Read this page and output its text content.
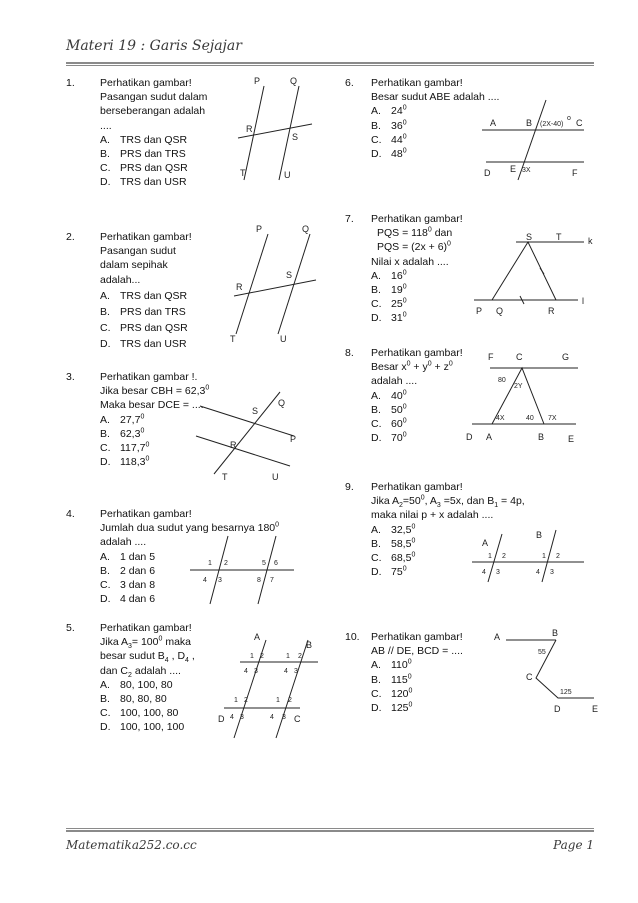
Materi 19 : Garis Sejajar
1.	Perhatikan gambar!
Pasangan sudut dalam
berseberangan adalah
....
A. TRS dan QSR
B. PRS dan TRS
C. PRS dan QSR
D. TRS dan USR
P	Q
R
S
T	U
2.	Perhatikan gambar!
Pasangan sudut
dalam sepihak
adalah...
A. TRS dan QSR
B. PRS dan TRS
C. PRS dan QSR
D. TRS dan USR
P	Q
R
S
T	U
3.	Perhatikan gambar !.
Jika besar CBH = $62,3^0$
Maka besar DCE = ....
A. 27,7$^0$
B. 62,3$^0$
C. 117,7$^0$
D. 118,3$^0$
S
Q
R
P
T	U
4.	Perhatikan gambar!
Jumlah dua sudut yang besarnya $180^0$
adalah ....
A. 1 dan 5
B. 2 dan 6
C. 3 dan 8
D. 4 dan 6
1 2
4 3
5 6
8 7
5.	Perhatikan gambar!
Jika $A_3= 100^0$ maka
besar sudut $B_4$ , $D_4$ ,
dan $C_2$ adalah ....
A. 80, 100, 80
B. 80, 80, 80
C. 100, 100, 80
D. 100, 100, 100
A
B
1 2
4 3
1 2
4 3
1 2
4 3
1 2
4 3
D	C
6.	Perhatikan gambar!
Besar sudut ABE adalah ....
A. $24^0$
B. $36^0$
C. $44^0$
D. $48^0$
A	B (2X-40)
o C
D E 3X	F
7.	Perhatikan gambar!
PQS = $118^0$ dan
PQS = $(2x + 6)^0$
Nilai x adalah ....
A. $16^0$
B. $19^0$
C. $25^0$
D. $31^0$
S	T	k
P Q	R
l
8.	Perhatikan gambar!
Besar $x^0 + y^0 + z^0$
adalah ....
A. $40^0$
B. $50^0$
C. $60^0$
D. $70^0$
F	C	G
80
2Y
4X	40 7X
D A	B	E
9.	Perhatikan gambar!
Jika $A_2=50^0$, $A_3 =5x$, dan $B_1 = 4p$,
maka nilai p + x adalah ....
A. 32,5$^0$
B. 58,5$^0$
C. 68,5$^0$
D. $75^0$
A
B
1 2	1 2
4 3	4 3
10.	Perhatikan gambar!
AB // DE, BCD = ....
A. $110^0$
B. $115^0$
C. $120^0$
D. $125^0$
A	B
55
C
125
D	E
Matematika252.co.cc	Page 1
